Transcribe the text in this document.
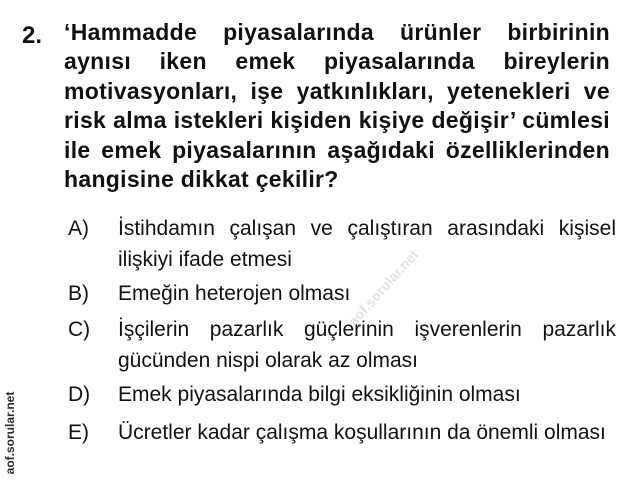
2. ‘Hammadde piyasalarında ürünler birbirinin aynısı iken emek piyasalarında bireylerin motivasyonları, işe yatkınlıkları, yetenekleri ve risk alma istekleri kişiden kişiye değişir’ cümlesi ile emek piyasalarının aşağıdaki özelliklerinden hangisine dikkat çekilir?
A) İstihdamın çalışan ve çalıştıran arasındaki kişisel ilişkiyi ifade etmesi
B) Emeğin heterojen olması
C) İşçilerin pazarlık güçlerinin işverenlerin pazarlık gücünden nispi olarak az olması
D) Emek piyasalarında bilgi eksikliğinin olması
E) Ücretler kadar çalışma koşullarının da önemli olması
aof.sorular.net
aof.sorular.net
